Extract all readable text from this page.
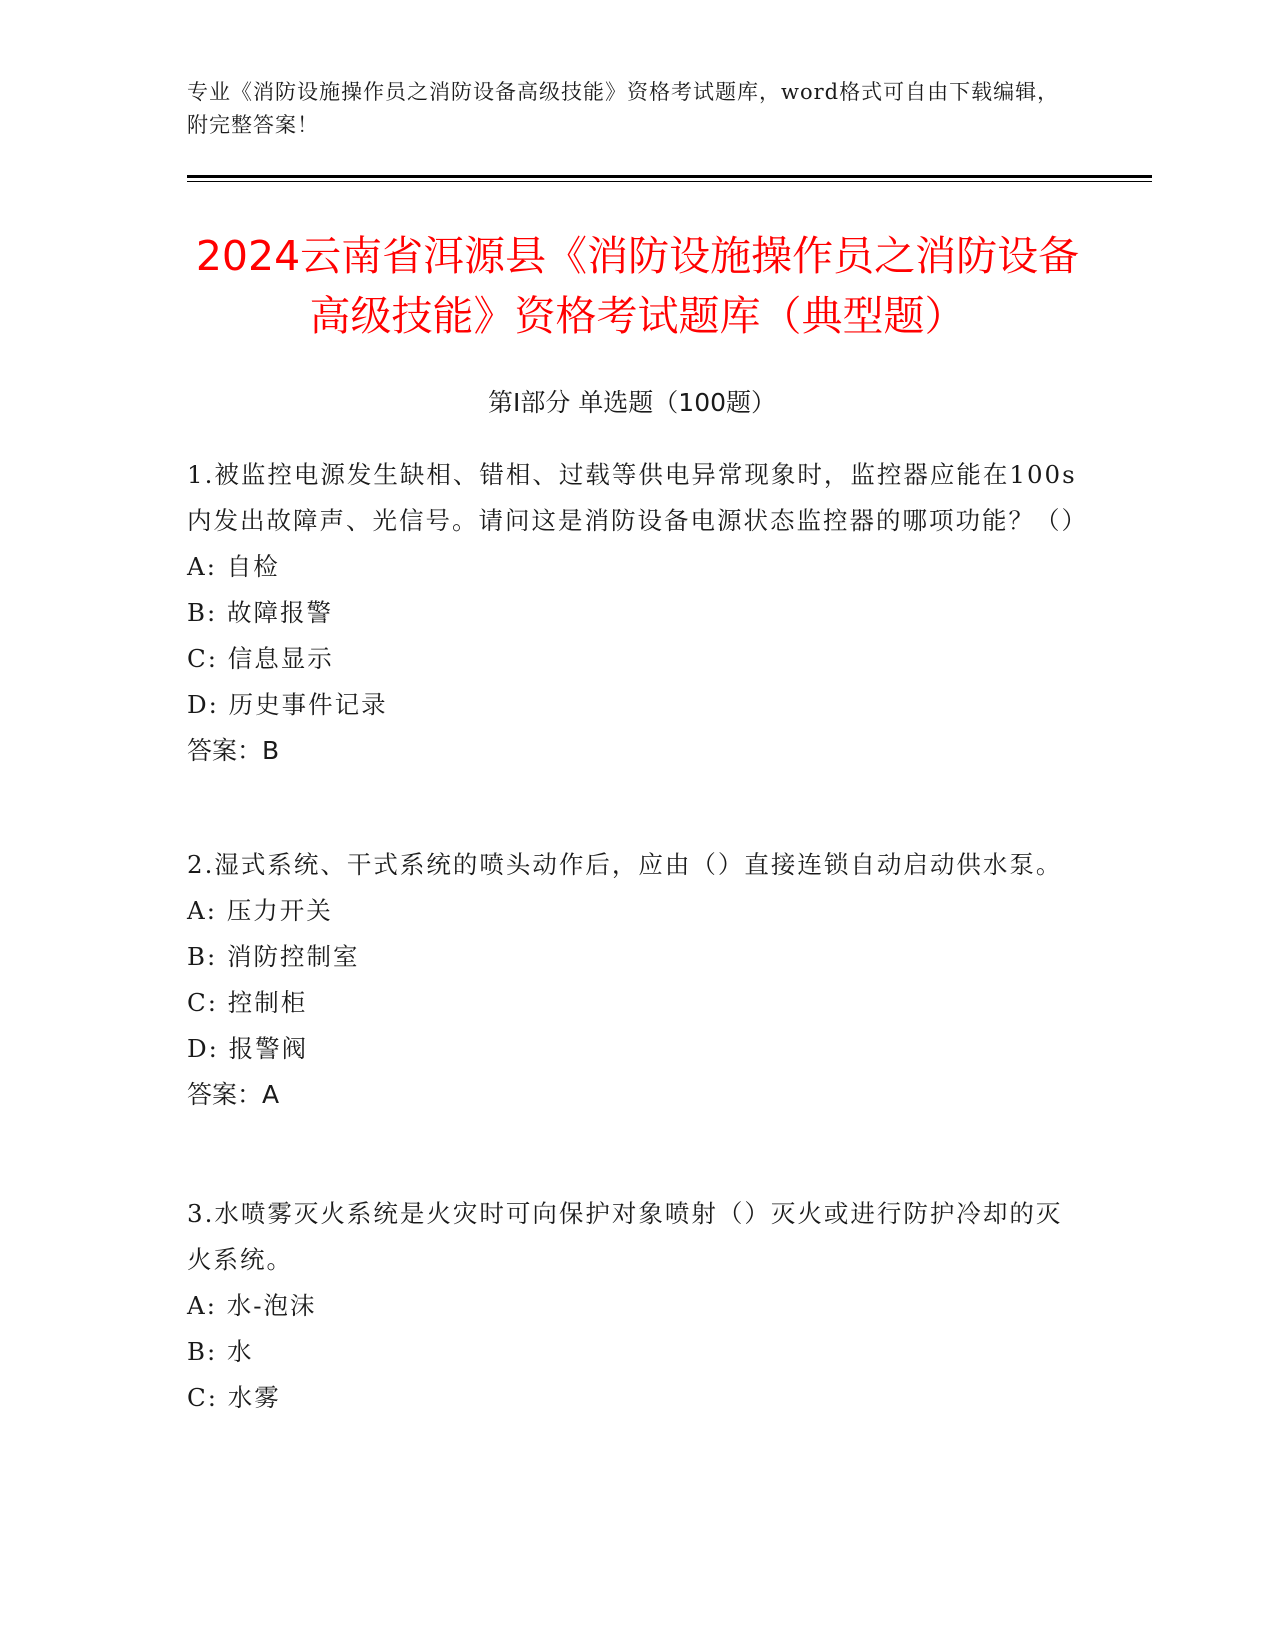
专业《消防设施操作员之消防设备高级技能》资格考试题库，word格式可自由下载编辑，附完整答案！
2024云南省洱源县《消防设施操作员之消防设备高级技能》资格考试题库（典型题）
第I部分 单选题（100题）
1.被监控电源发生缺相、错相、过载等供电异常现象时，监控器应能在100s内发出故障声、光信号。请问这是消防设备电源状态监控器的哪项功能？（）
A: 自检
B: 故障报警
C: 信息显示
D: 历史事件记录
答案：B
2.湿式系统、干式系统的喷头动作后，应由（）直接连锁自动启动供水泵。
A: 压力开关
B: 消防控制室
C: 控制柜
D: 报警阀
答案：A
3.水喷雾灭火系统是火灾时可向保护对象喷射（）灭火或进行防护冷却的灭火系统。
A: 水-泡沫
B: 水
C: 水雾
